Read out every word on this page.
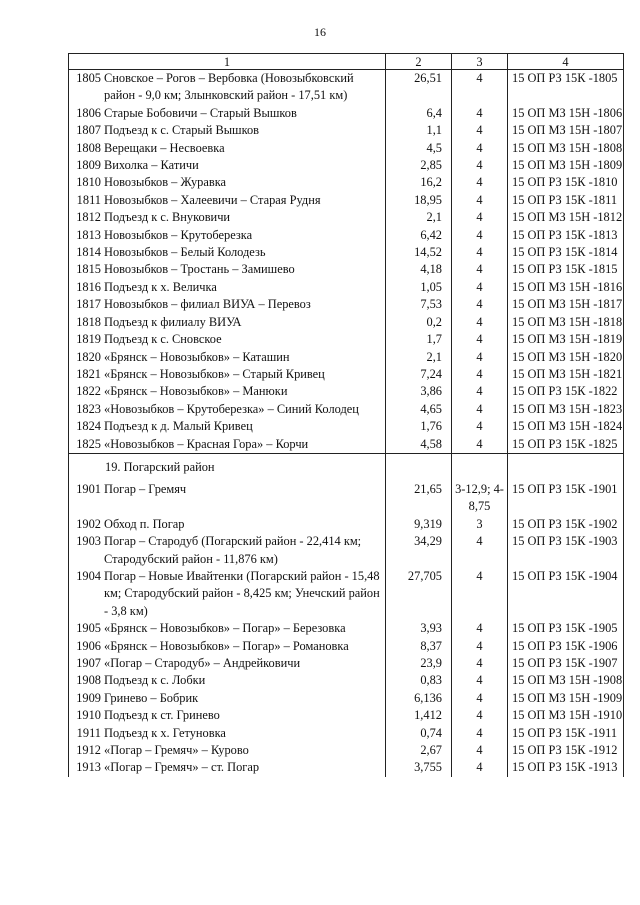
16
1	2	3	4

1805 Сновское – Рогов – Вербовка (Новозыбковский район - 9,0 км; Злынковский район - 17,51 км)	26,51	4	15 ОП РЗ 15К -1805

1806 Старые Бобовичи – Старый Вышков	6,4	4	15 ОП МЗ 15Н -1806

1807 Подъезд к с. Старый Вышков	1,1	4	15 ОП МЗ 15Н -1807

1808 Верещаки – Несвоевка	4,5	4	15 ОП МЗ 15Н -1808

1809 Вихолка – Катичи	2,85	4	15 ОП МЗ 15Н -1809

1810 Новозыбков – Журавка	16,2	4	15 ОП РЗ 15К -1810

1811 Новозыбков – Халеевичи – Старая Рудня	18,95	4	15 ОП РЗ 15К -1811

1812 Подъезд к с. Внуковичи	2,1	4	15 ОП МЗ 15Н -1812

1813 Новозыбков – Крутоберезка	6,42	4	15 ОП РЗ 15К -1813

1814 Новозыбков – Белый Колодезь	14,52	4	15 ОП РЗ 15К -1814

1815 Новозыбков – Тростань – Замишево	4,18	4	15 ОП РЗ 15К -1815

1816 Подъезд к х. Величка	1,05	4	15 ОП МЗ 15Н -1816

1817 Новозыбков – филиал ВИУА – Перевоз	7,53	4	15 ОП МЗ 15Н -1817

1818 Подъезд к филиалу ВИУА	0,2	4	15 ОП МЗ 15Н -1818

1819 Подъезд к с. Сновское	1,7	4	15 ОП МЗ 15Н -1819

1820 «Брянск – Новозыбков» – Каташин	2,1	4	15 ОП МЗ 15Н -1820

1821 «Брянск – Новозыбков» – Старый Кривец	7,24	4	15 ОП МЗ 15Н -1821

1822 «Брянск – Новозыбков» – Манюки	3,86	4	15 ОП РЗ 15К -1822

1823 «Новозыбков – Крутоберезка» – Синий Колодец	4,65	4	15 ОП МЗ 15Н -1823

1824 Подъезд к д. Малый Кривец	1,76	4	15 ОП МЗ 15Н -1824

1825 «Новозыбков – Красная Гора» – Корчи	4,58	4	15 ОП РЗ 15К -1825
19. Погарский район			

1901 Погар – Гремяч	21,65	3-12,9; 4-8,75	15 ОП РЗ 15К -1901

1902 Обход п. Погар	9,319	3	15 ОП РЗ 15К -1902

1903 Погар – Стародуб (Погарский район - 22,414 км; Стародубский район - 11,876 км)	34,29	4	15 ОП РЗ 15К -1903

1904 Погар – Новые Ивайтенки (Погарский район - 15,48 км; Стародубский район - 8,425 км; Унечский район - 3,8 км)	27,705	4	15 ОП РЗ 15К -1904

1905 «Брянск – Новозыбков» – Погар» – Березовка	3,93	4	15 ОП РЗ 15К -1905

1906 «Брянск – Новозыбков» – Погар» – Романовка	8,37	4	15 ОП РЗ 15К -1906

1907 «Погар – Стародуб» – Андрейковичи	23,9	4	15 ОП РЗ 15К -1907

1908 Подъезд к с. Лобки	0,83	4	15 ОП МЗ 15Н -1908

1909 Гринево – Бобрик	6,136	4	15 ОП МЗ 15Н -1909

1910 Подъезд к ст. Гринево	1,412	4	15 ОП МЗ 15Н -1910

1911 Подъезд к х. Гетуновка	0,74	4	15 ОП РЗ 15К -1911

1912 «Погар – Гремяч» – Курово	2,67	4	15 ОП РЗ 15К -1912

1913 «Погар – Гремяч» – ст. Погар	3,755	4	15 ОП РЗ 15К -1913
